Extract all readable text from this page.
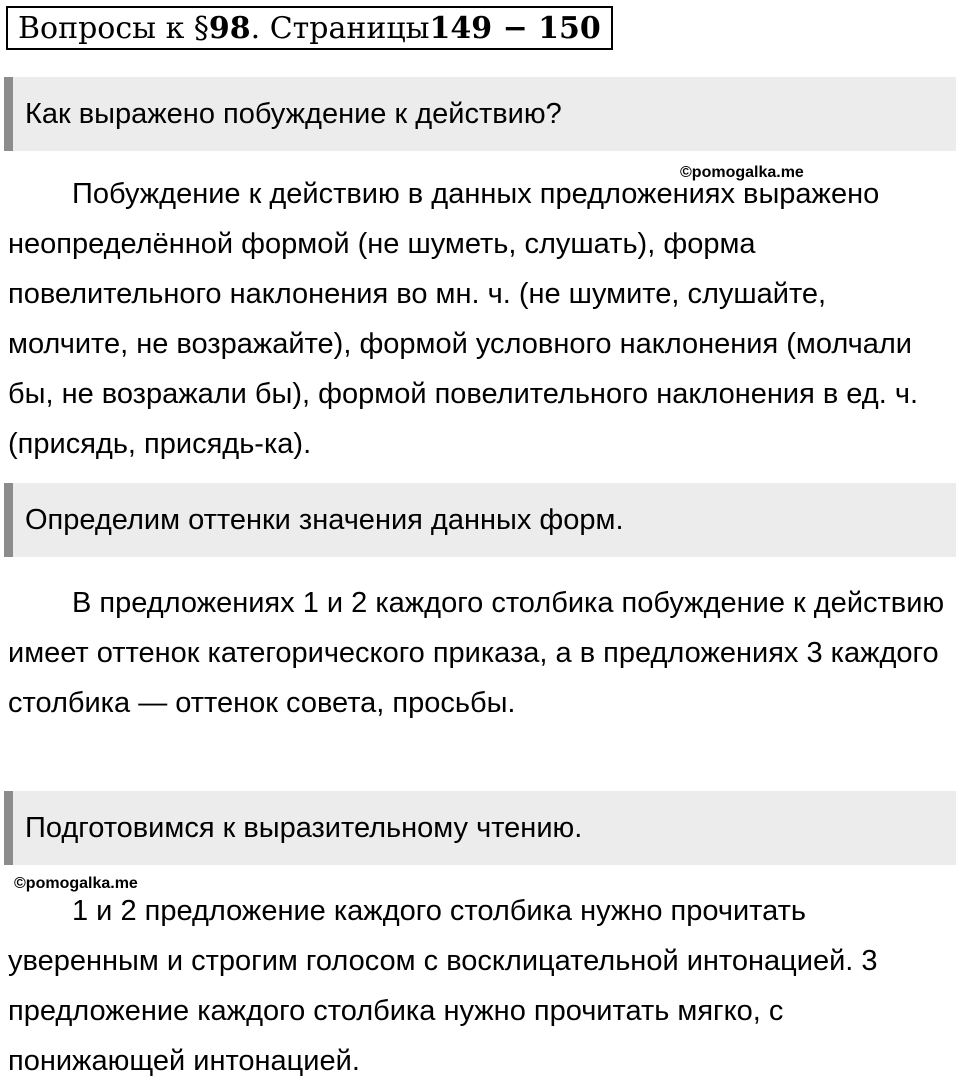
Вопросы к § 98 . Страницы 149 − 150
Как выражено побуждение к действию?
©pomogalka.me

Побуждение к действию в данных предложениях выражено неопределённой формой (не шуметь, слушать), форма повелительного наклонения во мн. ч. (не шумите, слушайте, молчите, не возражайте), формой условного наклонения (молчали бы, не возражали бы), формой повелительного наклонения в ед. ч. (присядь, присядь-ка).

Определим оттенки значения данных форм.

В предложениях 1 и 2 каждого столбика побуждение к действию имеет оттенок категорического приказа, а в предложениях 3 каждого столбика — оттенок совета, просьбы.

Подготовимся к выразительному чтению.
©pomogalka.me

1 и 2 предложение каждого столбика нужно прочитать уверенным и строгим голосом с восклицательной интонацией. 3 предложение каждого столбика нужно прочитать мягко, с понижающей интонацией.
